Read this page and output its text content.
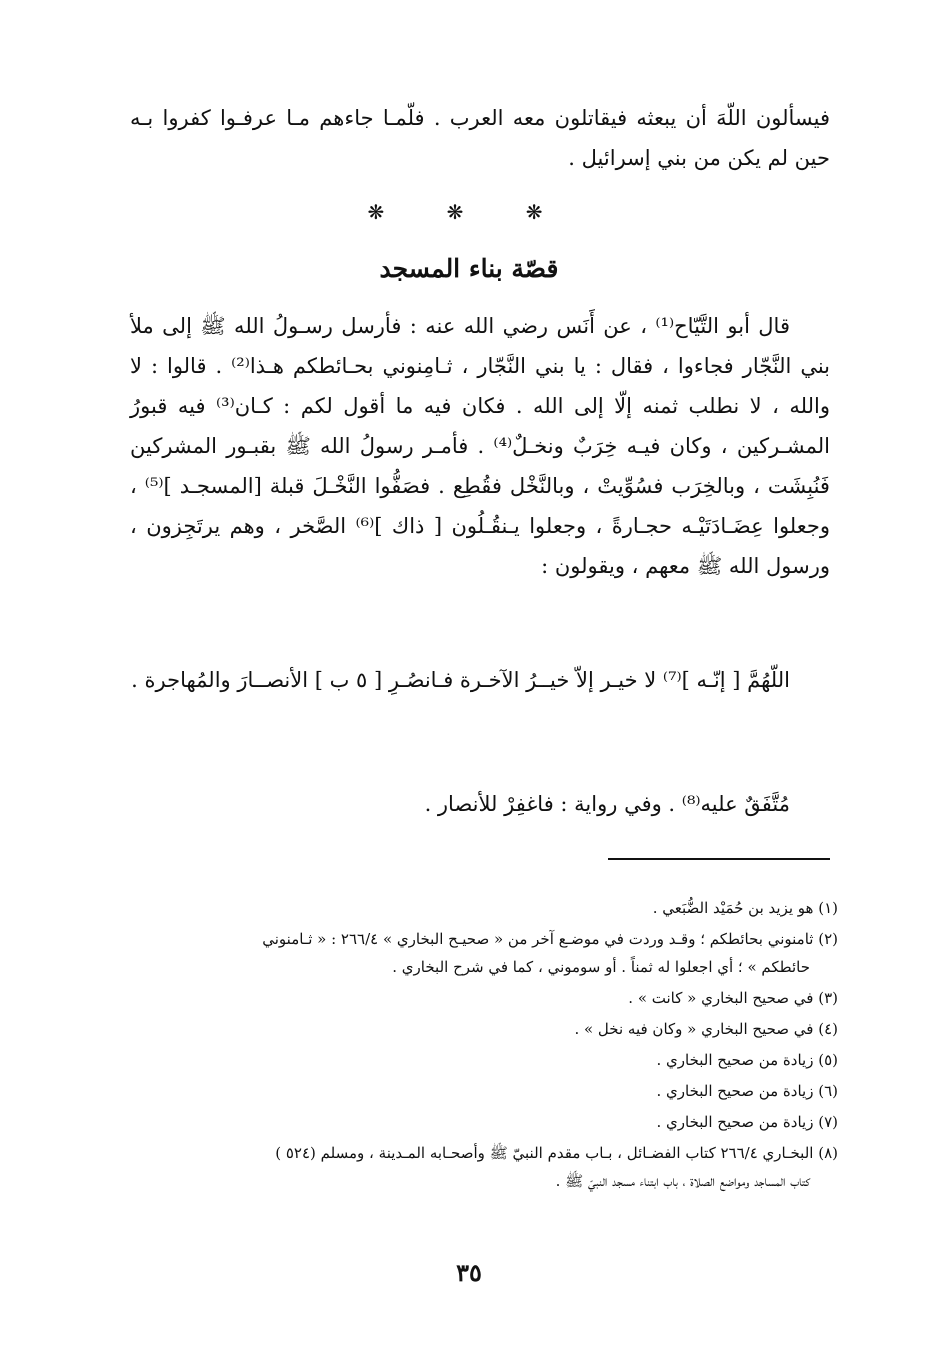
فيسألون اللّهَ أن يبعثه فيقاتلون معه العرب . فلّمـا جاءهم مـا عرفـوا كفروا بـه حين لم يكن من بني إسرائيل .
❋ ❋ ❋
قصّة بناء المسجد
قال أبو التَّيّاح⁽¹⁾ ، عن أَنَس رضي الله عنه : فأرسل رسـولُ الله ﷺ إلى ملأ بني النَّجّار فجاءوا ، فقال : يا بني النَّجّار ، ثـامِنوني بحـائطكم هـذا⁽²⁾ . قالوا : لا والله ، لا نطلب ثمنه إلّا إلى الله . فكان فيه ما أقول لكم : كـان⁽³⁾ فيه قبورُ المشـركين ، وكان فيـه خِرَبٌ ونخـلٌ⁽⁴⁾ . فأمـر رسولُ الله ﷺ بقبـور المشركين فَنُبِشَت ، وبالخِرَب فسُوِّيتْ ، وبالنَّخْل فقُطِع . فصَفُّوا النَّخْـلَ قبلة [المسجـد ]⁽⁵⁾ ، وجعلوا عِضَـادَتَيْـه حجـارةً ، وجعلوا يـنقُـلُون [ ذاك ]⁽⁶⁾ الصَّخر ، وهم يرتَجِزون ، ورسول الله ﷺ معهم ، ويقولون :
اللّهُمَّ [ إنّـه ]⁽⁷⁾ لا خيـر إلاّ خيــرُ الآخـرة فـانصُـرِ [ ٥ ب ] الأنصــارَ والمُهاجرة .
مُتَّفَقٌ عليه⁽⁸⁾ . وفي رواية : فاغفِرْ للأنصار .
(١) هو يزيد بن حُمَيْد الضُّبَعي .
(٢) ثامنوني بحائطكم ؛ وقـد وردت في موضـع آخر من « صحيـح البخاري » ٢٦٦/٤ : « ثـامنوني
حائطكم » ؛ أي اجعلوا له ثمناً . أو سوموني ، كما في شرح البخاري .
(٣) في صحيح البخاري « كانت » .
(٤) في صحيح البخاري « وكان فيه نخل » .
(٥) زيادة من صحيح البخاري .
(٦) زيادة من صحيح البخاري .
(٧) زيادة من صحيح البخاري .
(٨) البخـاري ٢٦٦/٤ كتاب الفضـائل ، بـاب مقدم النبيّ ﷺ وأصحـابه المـدينة ، ومسلم (٥٢٤ )
كتاب المساجد ومواضع الصلاة ، باب ابتناء مسجد النبيّ ﷺ .
٣٥
